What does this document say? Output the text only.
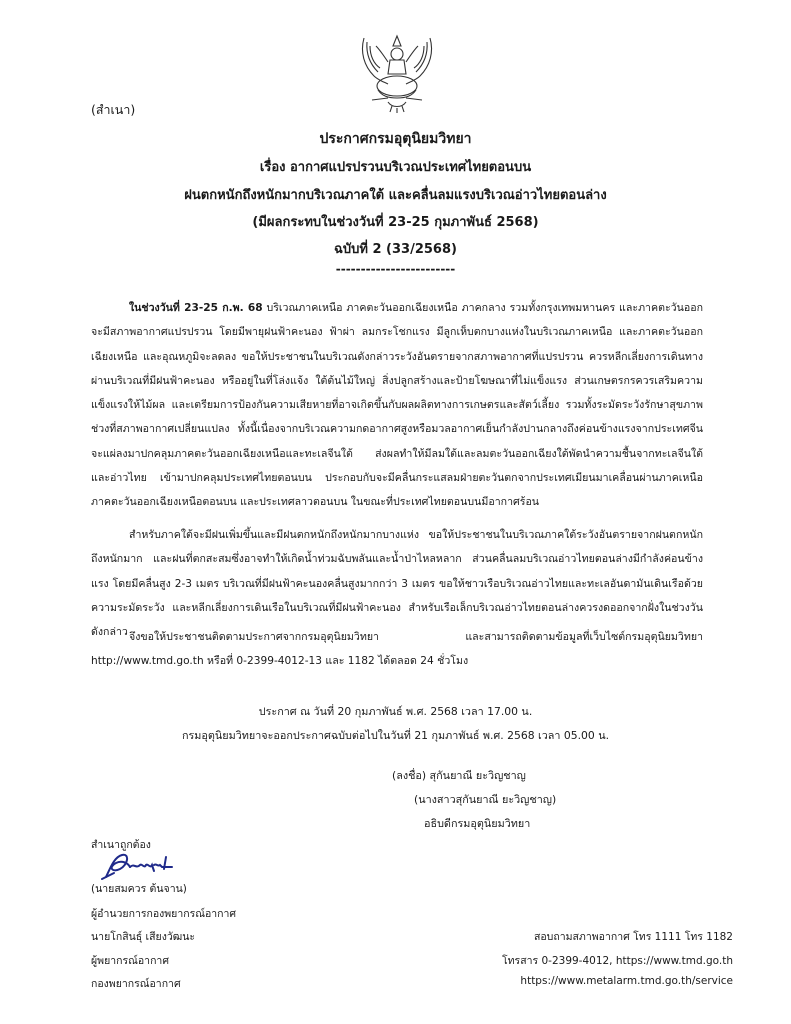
(สำเนา)
ประกาศกรมอุตุนิยมวิทยา
เรื่อง อากาศแปรปรวนบริเวณประเทศไทยตอนบน
ฝนตกหนักถึงหนักมากบริเวณภาคใต้ และคลื่นลมแรงบริเวณอ่าวไทยตอนล่าง
(มีผลกระทบในช่วงวันที่ 23-25 กุมภาพันธ์ 2568)
ฉบับที่ 2 (33/2568)
------------------------
ในช่วงวันที่ 23-25 ก.พ. 68 บริเวณภาคเหนือ ภาคตะวันออกเฉียงเหนือ ภาคกลาง รวมทั้งกรุงเทพมหานคร และภาคตะวันออก จะมีสภาพอากาศแปรปรวน โดยมีพายุฝนฟ้าคะนอง ฟ้าผ่า ลมกระโชกแรง มีลูกเห็บตกบางแห่งในบริเวณภาคเหนือ และภาคตะวันออกเฉียงเหนือ และอุณหภูมิจะลดลง ขอให้ประชาชนในบริเวณดังกล่าวระวังอันตรายจากสภาพอากาศที่แปรปรวน ควรหลีกเลี่ยงการเดินทางผ่านบริเวณที่มีฝนฟ้าคะนอง หรืออยู่ในที่โล่งแจ้ง ใต้ต้นไม้ใหญ่ สิ่งปลูกสร้างและป้ายโฆษณาที่ไม่แข็งแรง ส่วนเกษตรกรควรเสริมความแข็งแรงให้ไม้ผล และเตรียมการป้องกันความเสียหายที่อาจเกิดขึ้นกับผลผลิตทางการเกษตรและสัตว์เลี้ยง รวมทั้งระมัดระวังรักษาสุขภาพช่วงที่สภาพอากาศเปลี่ยนแปลง ทั้งนี้เนื่องจากบริเวณความกดอากาศสูงหรือมวลอากาศเย็นกำลังปานกลางถึงค่อนข้างแรงจากประเทศจีนจะแผ่ลงมาปกคลุมภาคตะวันออกเฉียงเหนือและทะเลจีนใต้ ส่งผลทำให้มีลมใต้และลมตะวันออกเฉียงใต้พัดนำความชื้นจากทะเลจีนใต้และอ่าวไทย เข้ามาปกคลุมประเทศไทยตอนบน ประกอบกับจะมีคลื่นกระแสลมฝ่ายตะวันตกจากประเทศเมียนมาเคลื่อนผ่านภาคเหนือ ภาคตะวันออกเฉียงเหนือตอนบน และประเทศลาวตอนบน ในขณะที่ประเทศไทยตอนบนมีอากาศร้อน
สำหรับภาคใต้จะมีฝนเพิ่มขึ้นและมีฝนตกหนักถึงหนักมากบางแห่ง ขอให้ประชาชนในบริเวณภาคใต้ระวังอันตรายจากฝนตกหนักถึงหนักมาก และฝนที่ตกสะสมซึ่งอาจทำให้เกิดน้ำท่วมฉับพลันและน้ำป่าไหลหลาก ส่วนคลื่นลมบริเวณอ่าวไทยตอนล่างมีกำลังค่อนข้างแรง โดยมีคลื่นสูง 2-3 เมตร บริเวณที่มีฝนฟ้าคะนองคลื่นสูงมากกว่า 3 เมตร ขอให้ชาวเรือบริเวณอ่าวไทยและทะเลอันดามันเดินเรือด้วยความระมัดระวัง และหลีกเลี่ยงการเดินเรือในบริเวณที่มีฝนฟ้าคะนอง สำหรับเรือเล็กบริเวณอ่าวไทยตอนล่างควรงดออกจากฝั่งในช่วงวันดังกล่าว จึงขอให้ประชาชนติดตามประกาศจากกรมอุตุนิยมวิทยา และสามารถติดตามข้อมูลที่เว็บไซต์กรมอุตุนิยมวิทยา http://www.tmd.go.th หรือที่ 0-2399-4012-13 และ 1182 ได้ตลอด 24 ชั่วโมง
ประกาศ ณ วันที่ 20 กุมภาพันธ์ พ.ศ. 2568 เวลา 17.00 น.
กรมอุตุนิยมวิทยาจะออกประกาศฉบับต่อไปในวันที่ 21 กุมภาพันธ์ พ.ศ. 2568 เวลา 05.00 น.
(ลงชื่อ) สุกันยาณี ยะวิญชาญ
(นางสาวสุกันยาณี ยะวิญชาญ)
อธิบดีกรมอุตุนิยมวิทยา
สำเนาถูกต้อง
(นายสมควร ต้นจาน)
ผู้อำนวยการกองพยากรณ์อากาศ
นายโกสินธุ์ เสียงวัฒนะ
ผู้พยากรณ์อากาศ
กองพยากรณ์อากาศ
สอบถามสภาพอากาศ โทร 1111 โทร 1182
โทรสาร 0-2399-4012, https://www.tmd.go.th
https://www.metalarm.tmd.go.th/service
